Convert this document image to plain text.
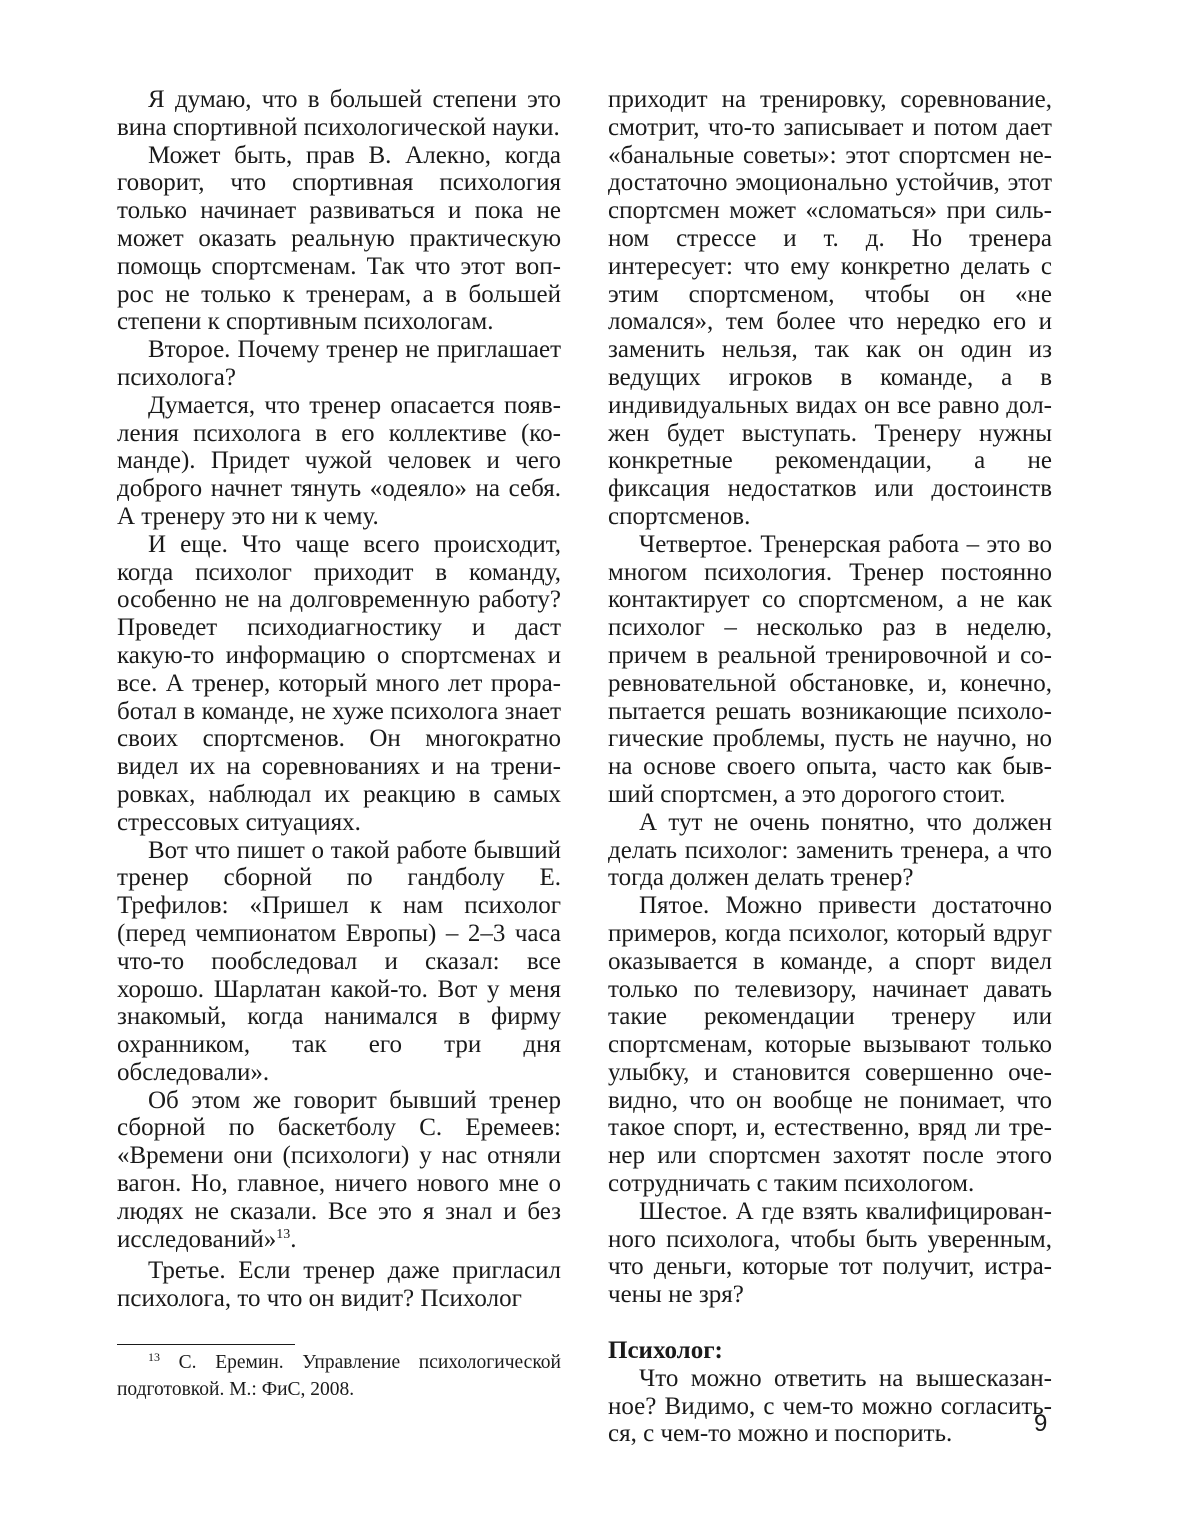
Я думаю, что в большей степени это вина спортивной психологической науки.

Может быть, прав В. Алекно, когда говорит, что спортивная психология только начинает развиваться и пока не может оказать реальную практическую помощь спортсменам. Так что этот вопрос не только к тренерам, а в большей степени к спортивным психологам.

Второе. Почему тренер не приглашает психолога?

Думается, что тренер опасается появления психолога в его коллективе (команде). Придет чужой человек и чего доброго начнет тянуть «одеяло» на себя. А тренеру это ни к чему.

И еще. Что чаще всего происходит, когда психолог приходит в команду, особенно не на долговременную работу? Проведет психодиагностику и даст какую-то информацию о спортсменах и все. А тренер, который много лет проработал в команде, не хуже психолога знает своих спортсменов. Он многократно видел их на соревнованиях и на тренировках, наблюдал их реакцию в самых стрессовых ситуациях.

Вот что пишет о такой работе бывший тренер сборной по гандболу Е. Трефилов: «Пришел к нам психолог (перед чемпионатом Европы) – 2–3 часа что-то пообследовал и сказал: все хорошо. Шарлатан какой-то. Вот у меня знакомый, когда нанимался в фирму охранником, так его три дня обследовали».

Об этом же говорит бывший тренер сборной по баскетболу С. Еремеев: «Времени они (психологи) у нас отняли вагон. Но, главное, ничего нового мне о людях не сказали. Все это я знал и без исследований»$^{13}$.

Третье. Если тренер даже пригласил психолога, то что он видит? Психолог

$^{13}$ С. Еремин. Управление психологической подготовкой. М.: ФиС, 2008.

приходит на тренировку, соревнование, смотрит, что-то записывает и потом дает «банальные советы»: этот спортсмен недостаточно эмоционально устойчив, этот спортсмен может «сломаться» при сильном стрессе и т. д. Но тренера интересует: что ему конкретно делать с этим спортсменом, чтобы он «не ломался», тем более что нередко его и заменить нельзя, так как он один из ведущих игроков в команде, а в индивидуальных видах он все равно должен будет выступать. Тренеру нужны конкретные рекомендации, а не фиксация недостатков или достоинств спортсменов.

Четвертое. Тренерская работа – это во многом психология. Тренер постоянно контактирует со спортсменом, а не как психолог – несколько раз в неделю, причем в реальной тренировочной и соревновательной обстановке, и, конечно, пытается решать возникающие психологические проблемы, пусть не научно, но на основе своего опыта, часто как бывший спортсмен, а это дорогого стоит.

А тут не очень понятно, что должен делать психолог: заменить тренера, а что тогда должен делать тренер?

Пятое. Можно привести достаточно примеров, когда психолог, который вдруг оказывается в команде, а спорт видел только по телевизору, начинает давать такие рекомендации тренеру или спортсменам, которые вызывают только улыбку, и становится совершенно очевидно, что он вообще не понимает, что такое спорт, и, естественно, вряд ли тренер или спортсмен захотят после этого сотрудничать с таким психологом.

Шестое. А где взять квалифицированного психолога, чтобы быть уверенным, что деньги, которые тот получит, истрачены не зря?

Психолог:

Что можно ответить на вышесказанное? Видимо, с чем-то можно согласиться, с чем-то можно и поспорить.	9
